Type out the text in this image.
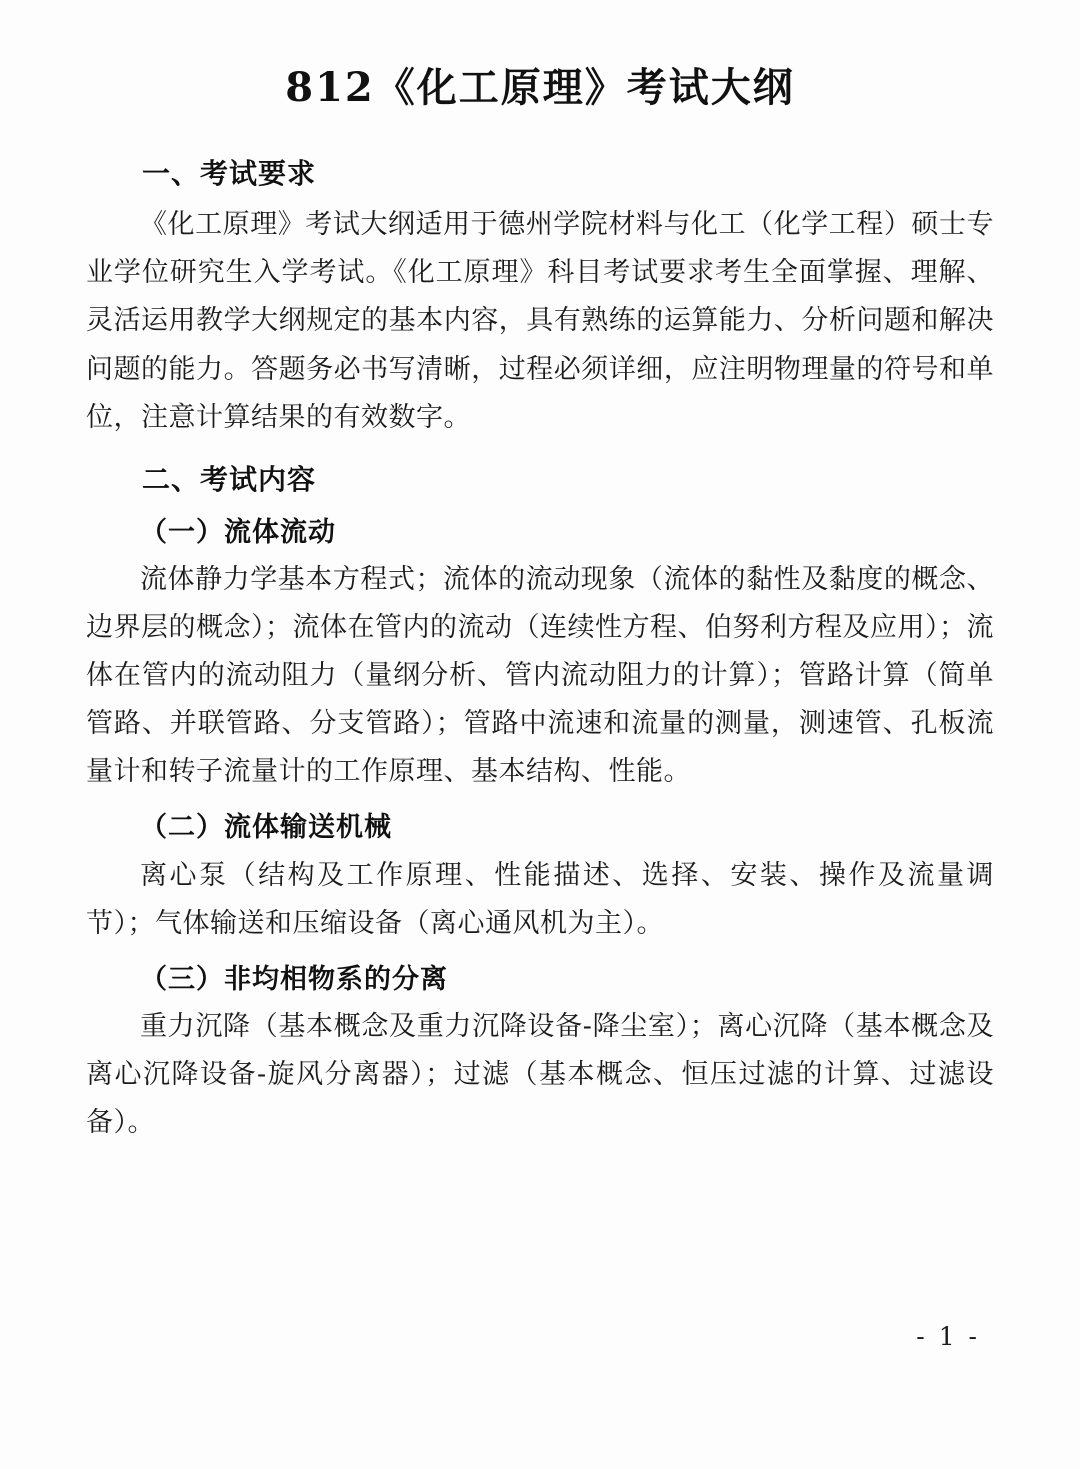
812《化工原理》考试大纲
一、考试要求

《化工原理》考试大纲适用于德州学院材料与化工（化学工程）硕士专业学位研究生入学考试。《化工原理》科目考试要求考生全面掌握、理解、灵活运用教学大纲规定的基本内容，具有熟练的运算能力、分析问题和解决问题的能力。答题务必书写清晰，过程必须详细，应注明物理量的符号和单位，注意计算结果的有效数字。

二、考试内容
（一）流体流动

流体静力学基本方程式；流体的流动现象（流体的黏性及黏度的概念、边界层的概念）；流体在管内的流动（连续性方程、伯努利方程及应用）；流体在管内的流动阻力（量纲分析、管内流动阻力的计算）；管路计算（简单管路、并联管路、分支管路）；管路中流速和流量的测量，测速管、孔板流量计和转子流量计的工作原理、基本结构、性能。

（二）流体输送机械

离心泵（结构及工作原理、性能描述、选择、安装、操作及流量调节）；气体输送和压缩设备（离心通风机为主）。

（三）非均相物系的分离

重力沉降（基本概念及重力沉降设备-降尘室）；离心沉降（基本概念及离心沉降设备-旋风分离器）；过滤（基本概念、恒压过滤的计算、过滤设备）。

- 1 -
